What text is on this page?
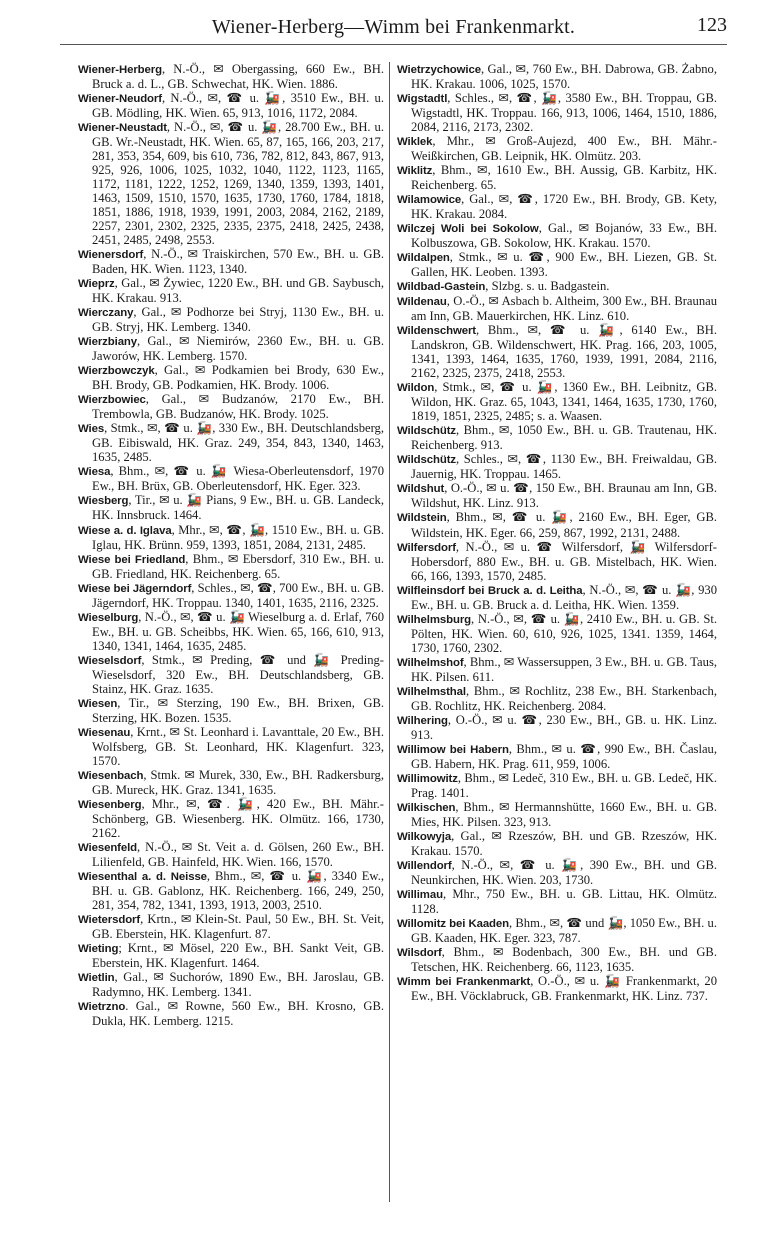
Wiener-Herberg—Wimm bei Frankenmarkt.	123

Wiener-Herberg, N.-Ö., ✉ Obergassing, 660 Ew., BH. Bruck a. d. L., GB. Schwechat, HK. Wien. 1886.

Wiener-Neudorf, N.-Ö., ✉, ☎ u. 🚂, 3510 Ew., BH. u. GB. Mödling, HK. Wien. 65, 913, 1016, 1172, 2084.

Wiener-Neustadt, N.-Ö., ✉, ☎ u. 🚂, 28.700 Ew., BH. u. GB. Wr.-Neustadt, HK. Wien. 65, 87, 165, 166, 203, 217, 281, 353, 354, 609, bis 610, 736, 782, 812, 843, 867, 913, 925, 926, 1006, 1025, 1032, 1040, 1122, 1123, 1165, 1172, 1181, 1222, 1252, 1269, 1340, 1359, 1393, 1401, 1463, 1509, 1510, 1570, 1635, 1730, 1760, 1784, 1818, 1851, 1886, 1918, 1939, 1991, 2003, 2084, 2162, 2189, 2257, 2301, 2302, 2325, 2335, 2375, 2418, 2425, 2438, 2451, 2485, 2498, 2553.

Wienersdorf, N.-Ö., ✉ Traiskirchen, 570 Ew., BH. u. GB. Baden, HK. Wien. 1123, 1340.

Wieprz, Gal., ✉ Żywiec, 1220 Ew., BH. und GB. Saybusch, HK. Krakau. 913.

Wierczany, Gal., ✉ Podhorze bei Stryj, 1130 Ew., BH. u. GB. Stryj, HK. Lemberg. 1340.

Wierzbiany, Gal., ✉ Niemirów, 2360 Ew., BH. u. GB. Jaworów, HK. Lemberg. 1570.

Wierzbowczyk, Gal., ✉ Podkamien bei Brody, 630 Ew., BH. Brody, GB. Podkamien, HK. Brody. 1006.

Wierzbowiec, Gal., ✉ Budzanów, 2170 Ew., BH. Trembowla, GB. Budzanów, HK. Brody. 1025.

Wies, Stmk., ✉, ☎ u. 🚂, 330 Ew., BH. Deutschlandsberg, GB. Eibiswald, HK. Graz. 249, 354, 843, 1340, 1463, 1635, 2485.

Wiesa, Bhm., ✉, ☎ u. 🚂 Wiesa-Oberleutensdorf, 1970 Ew., BH. Brüx, GB. Oberleutensdorf, HK. Eger. 323.

Wiesberg, Tir., ✉ u. 🚂 Pians, 9 Ew., BH. u. GB. Landeck, HK. Innsbruck. 1464.

Wiese a. d. Iglava, Mhr., ✉, ☎, 🚂, 1510 Ew., BH. u. GB. Iglau, HK. Brünn. 959, 1393, 1851, 2084, 2131, 2485.

Wiese bei Friedland, Bhm., ✉ Ebersdorf, 310 Ew., BH. u. GB. Friedland, HK. Reichenberg. 65.

Wiese bei Jägerndorf, Schles., ✉, ☎, 700 Ew., BH. u. GB. Jägerndorf, HK. Troppau. 1340, 1401, 1635, 2116, 2325.

Wieselburg, N.-Ö., ✉, ☎ u. 🚂 Wieselburg a. d. Erlaf, 760 Ew., BH. u. GB. Scheibbs, HK. Wien. 65, 166, 610, 913, 1340, 1341, 1464, 1635, 2485.

Wieselsdorf, Stmk., ✉ Preding, ☎ und 🚂 Preding-Wieselsdorf, 320 Ew., BH. Deutschlandsberg, GB. Stainz, HK. Graz. 1635.

Wiesen, Tir., ✉ Sterzing, 190 Ew., BH. Brixen, GB. Sterzing, HK. Bozen. 1535.

Wiesenau, Krnt., ✉ St. Leonhard i. Lavanttale, 20 Ew., BH. Wolfsberg, GB. St. Leonhard, HK. Klagenfurt. 323, 1570.

Wiesenbach, Stmk. ✉ Murek, 330, Ew., BH. Radkersburg, GB. Mureck, HK. Graz. 1341, 1635.

Wiesenberg, Mhr., ✉, ☎. 🚂, 420 Ew., BH. Mähr.-Schönberg, GB. Wiesenberg. HK. Olmütz. 166, 1730, 2162.

Wiesenfeld, N.-Ö., ✉ St. Veit a. d. Gölsen, 260 Ew., BH. Lilienfeld, GB. Hainfeld, HK. Wien. 166, 1570.

Wiesenthal a. d. Neisse, Bhm., ✉, ☎ u. 🚂, 3340 Ew., BH. u. GB. Gablonz, HK. Reichenberg. 166, 249, 250, 281, 354, 782, 1341, 1393, 1913, 2003, 2510.

Wietersdorf, Krtn., ✉ Klein-St. Paul, 50 Ew., BH. St. Veit, GB. Eberstein, HK. Klagenfurt. 87.

Wieting; Krnt., ✉ Mösel, 220 Ew., BH. Sankt Veit, GB. Eberstein, HK. Klagenfurt. 1464.

Wietlin, Gal., ✉ Suchorów, 1890 Ew., BH. Jaroslau, GB. Radymno, HK. Lemberg. 1341.

Wietrzno. Gal., ✉ Rowne, 560 Ew., BH. Krosno, GB. Dukla, HK. Lemberg. 1215.

Wietrzychowice, Gal., ✉, 760 Ew., BH. Dabrowa, GB. Żabno, HK. Krakau. 1006, 1025, 1570.

Wigstadtl, Schles., ✉, ☎, 🚂, 3580 Ew., BH. Troppau, GB. Wigstadtl, HK. Troppau. 166, 913, 1006, 1464, 1510, 1886, 2084, 2116, 2173, 2302.

Wiklek, Mhr., ✉ Groß-Aujezd, 400 Ew., BH. Mähr.-Weißkirchen, GB. Leipnik, HK. Olmütz. 203.

Wiklitz, Bhm., ✉, 1610 Ew., BH. Aussig, GB. Karbitz, HK. Reichenberg. 65.

Wilamowice, Gal., ✉, ☎, 1720 Ew., BH. Brody, GB. Kety, HK. Krakau. 2084.

Wilczej Woli bei Sokolow, Gal., ✉ Bojanów, 33 Ew., BH. Kolbuszowa, GB. Sokolow, HK. Krakau. 1570.

Wildalpen, Stmk., ✉ u. ☎, 900 Ew., BH. Liezen, GB. St. Gallen, HK. Leoben. 1393.

Wildbad-Gastein, Slzbg. s. u. Badgastein.

Wildenau, O.-Ö., ✉ Asbach b. Altheim, 300 Ew., BH. Braunau am Inn, GB. Mauerkirchen, HK. Linz. 610.

Wildenschwert, Bhm., ✉, ☎ u. 🚂, 6140 Ew., BH. Landskron, GB. Wildenschwert, HK. Prag. 166, 203, 1005, 1341, 1393, 1464, 1635, 1760, 1939, 1991, 2084, 2116, 2162, 2325, 2375, 2418, 2553.

Wildon, Stmk., ✉, ☎ u. 🚂, 1360 Ew., BH. Leibnitz, GB. Wildon, HK. Graz. 65, 1043, 1341, 1464, 1635, 1730, 1760, 1819, 1851, 2325, 2485; s. a. Waasen.

Wildschütz, Bhm., ✉, 1050 Ew., BH. u. GB. Trautenau, HK. Reichenberg. 913.

Wildschütz, Schles., ✉, ☎, 1130 Ew., BH. Freiwaldau, GB. Jauernig, HK. Troppau. 1465.

Wildshut, O.-Ö., ✉ u. ☎, 150 Ew., BH. Braunau am Inn, GB. Wildshut, HK. Linz. 913.

Wildstein, Bhm., ✉, ☎ u. 🚂, 2160 Ew., BH. Eger, GB. Wildstein, HK. Eger. 66, 259, 867, 1992, 2131, 2488.

Wilfersdorf, N.-Ö., ✉ u. ☎ Wilfersdorf, 🚂 Wilfersdorf-Hobersdorf, 880 Ew., BH. u. GB. Mistelbach, HK. Wien. 66, 166, 1393, 1570, 2485.

Wilfleinsdorf bei Bruck a. d. Leitha, N.-Ö., ✉, ☎ u. 🚂, 930 Ew., BH. u. GB. Bruck a. d. Leitha, HK. Wien. 1359.

Wilhelmsburg, N.-Ö., ✉, ☎ u. 🚂, 2410 Ew., BH. u. GB. St. Pölten, HK. Wien. 60, 610, 926, 1025, 1341. 1359, 1464, 1730, 1760, 2302.

Wilhelmshof, Bhm., ✉ Wassersuppen, 3 Ew., BH. u. GB. Taus, HK. Pilsen. 611.

Wilhelmsthal, Bhm., ✉ Rochlitz, 238 Ew., BH. Starkenbach, GB. Rochlitz, HK. Reichenberg. 2084.

Wilhering, O.-Ö., ✉ u. ☎, 230 Ew., BH., GB. u. HK. Linz. 913.

Willimow bei Habern, Bhm., ✉ u. ☎, 990 Ew., BH. Časlau, GB. Habern, HK. Prag. 611, 959, 1006.

Willimowitz, Bhm., ✉ Ledeč, 310 Ew., BH. u. GB. Ledeč, HK. Prag. 1401.

Wilkischen, Bhm., ✉ Hermannshütte, 1660 Ew., BH. u. GB. Mies, HK. Pilsen. 323, 913.

Wilkowyja, Gal., ✉ Rzeszów, BH. und GB. Rzeszów, HK. Krakau. 1570.

Willendorf, N.-Ö., ✉, ☎ u. 🚂, 390 Ew., BH. und GB. Neunkirchen, HK. Wien. 203, 1730.

Willimau, Mhr., 750 Ew., BH. u. GB. Littau, HK. Olmütz. 1128.

Willomitz bei Kaaden, Bhm., ✉, ☎ und 🚂, 1050 Ew., BH. u. GB. Kaaden, HK. Eger. 323, 787.

Wilsdorf, Bhm., ✉ Bodenbach, 300 Ew., BH. und GB. Tetschen, HK. Reichenberg. 66, 1123, 1635.

Wimm bei Frankenmarkt, O.-Ö., ✉ u. 🚂 Frankenmarkt, 20 Ew., BH. Vöcklabruck, GB. Frankenmarkt, HK. Linz. 737.
